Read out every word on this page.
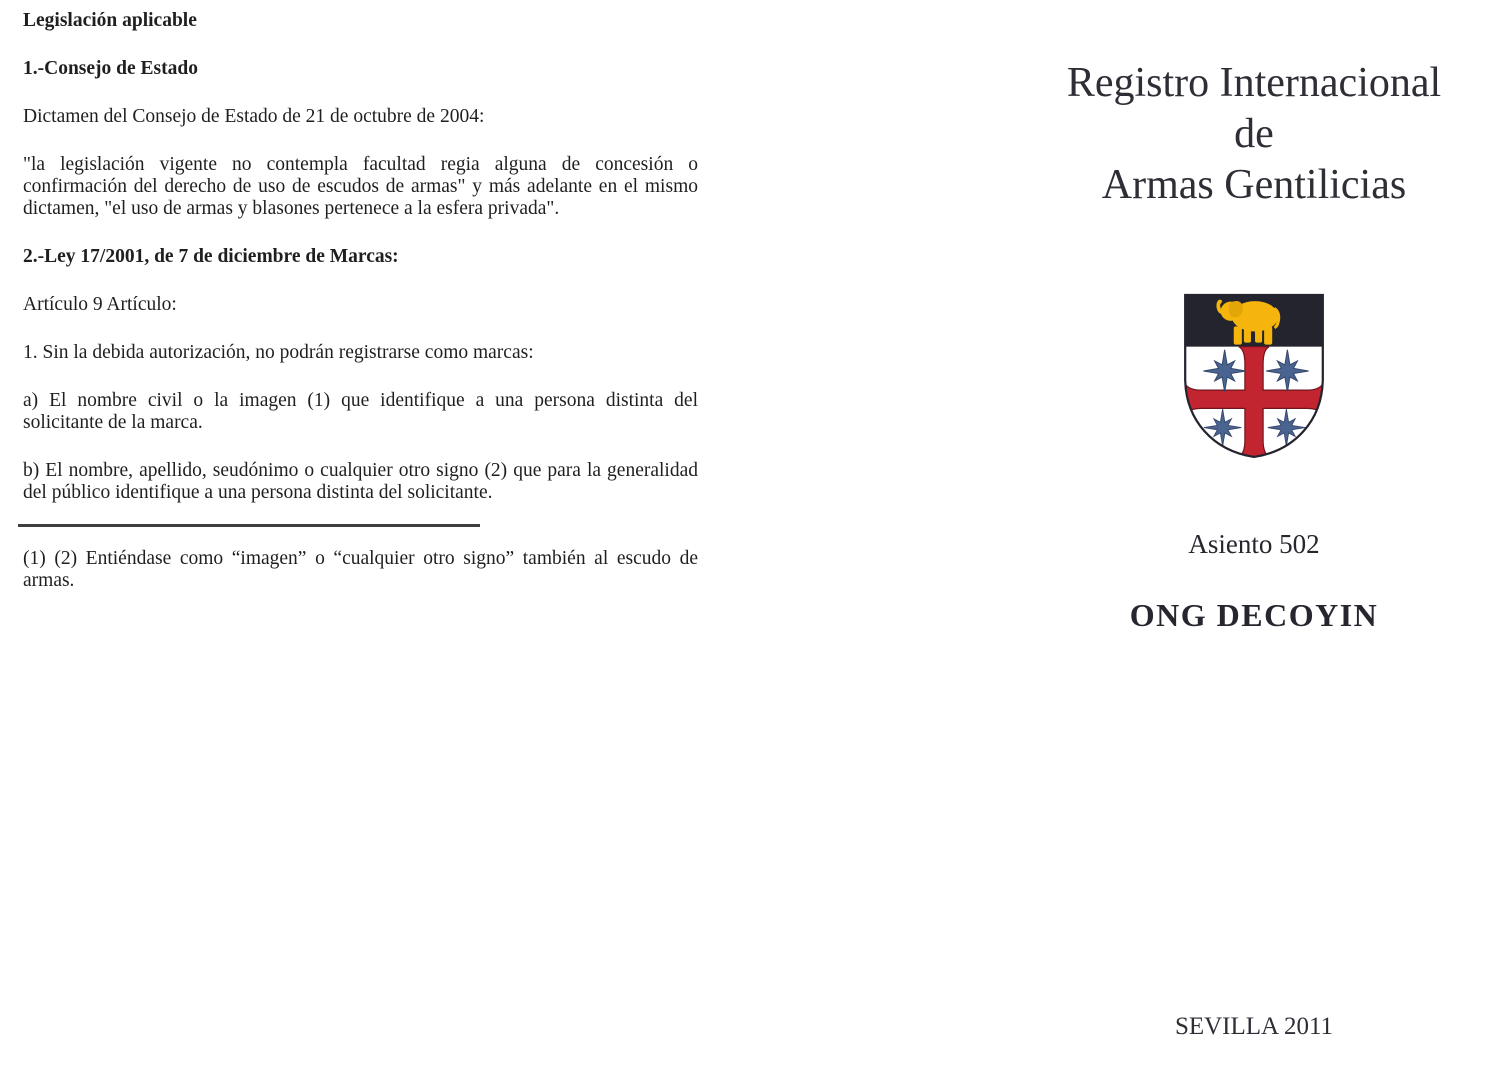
Legislación aplicable

1.-Consejo de Estado

Dictamen del Consejo de Estado de 21 de octubre de 2004:

"la legislación vigente no contempla facultad regia alguna de concesión o confirmación del derecho de uso de escudos de armas" y más adelante en el mismo dictamen, "el uso de armas y blasones pertenece a la esfera privada".

2.-Ley 17/2001, de 7 de diciembre de Marcas:

Artículo 9 Artículo:

1. Sin la debida autorización, no podrán registrarse como marcas:

a) El nombre civil o la imagen (1) que identifique a una persona distinta del solicitante de la marca.

b) El nombre, apellido, seudónimo o cualquier otro signo (2) que para la generalidad del público identifique a una persona distinta del solicitante.

(1) (2) Entiéndase como “imagen” o “cualquier otro signo” también al escudo de armas.

Registro Internacional
de
Armas Gentilicias
Asiento 502
ONG DECOYIN
SEVILLA 2011
